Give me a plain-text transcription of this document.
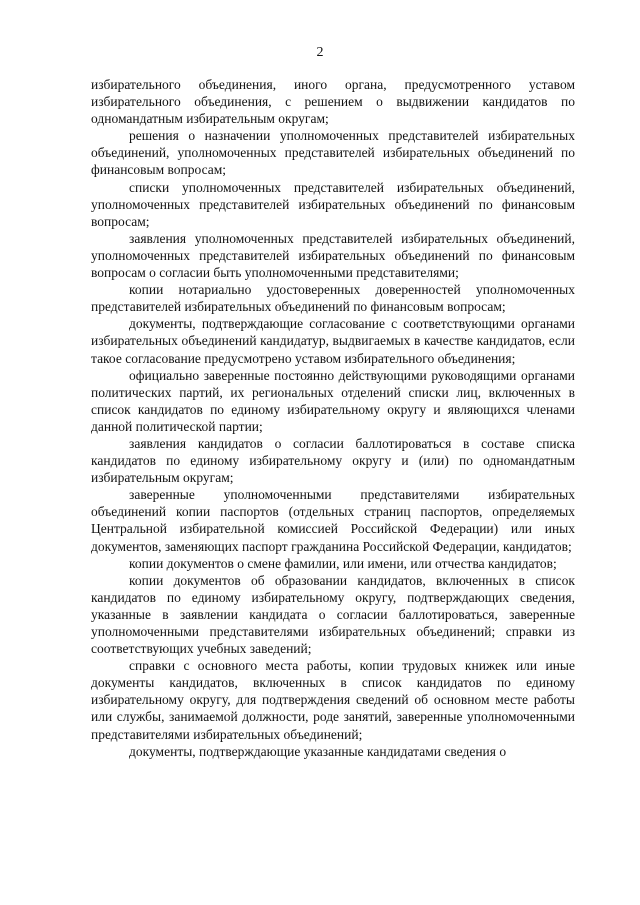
2

избирательного объединения, иного органа, предусмотренного уставом избирательного объединения, с решением о выдвижении кандидатов по одномандатным избирательным округам;

решения о назначении уполномоченных представителей избирательных объединений, уполномоченных представителей избирательных объединений по финансовым вопросам;

списки уполномоченных представителей избирательных объединений, уполномоченных представителей избирательных объединений по финансовым вопросам;

заявления уполномоченных представителей избирательных объединений, уполномоченных представителей избирательных объединений по финансовым вопросам о согласии быть уполномоченными представителями;

копии нотариально удостоверенных доверенностей уполномоченных представителей избирательных объединений по финансовым вопросам;

документы, подтверждающие согласование с соответствующими органами избирательных объединений кандидатур, выдвигаемых в качестве кандидатов, если такое согласование предусмотрено уставом избирательного объединения;

официально заверенные постоянно действующими руководящими органами политических партий, их региональных отделений списки лиц, включенных в список кандидатов по единому избирательному округу и являющихся членами данной политической партии;

заявления кандидатов о согласии баллотироваться в составе списка кандидатов по единому избирательному округу и (или) по одномандатным избирательным округам;

заверенные уполномоченными представителями избирательных объединений копии паспортов (отдельных страниц паспортов, определяемых Центральной избирательной комиссией Российской Федерации) или иных документов, заменяющих паспорт гражданина Российской Федерации, кандидатов;

копии документов о смене фамилии, или имени, или отчества кандидатов;

копии документов об образовании кандидатов, включенных в список кандидатов по единому избирательному округу, подтверждающих сведения, указанные в заявлении кандидата о согласии баллотироваться, заверенные уполномоченными представителями избирательных объединений; справки из соответствующих учебных заведений;

справки с основного места работы, копии трудовых книжек или иные документы кандидатов, включенных в список кандидатов по единому избирательному округу, для подтверждения сведений об основном месте работы или службы, занимаемой должности, роде занятий, заверенные уполномоченными представителями избирательных объединений;

документы, подтверждающие указанные кандидатами сведения о
